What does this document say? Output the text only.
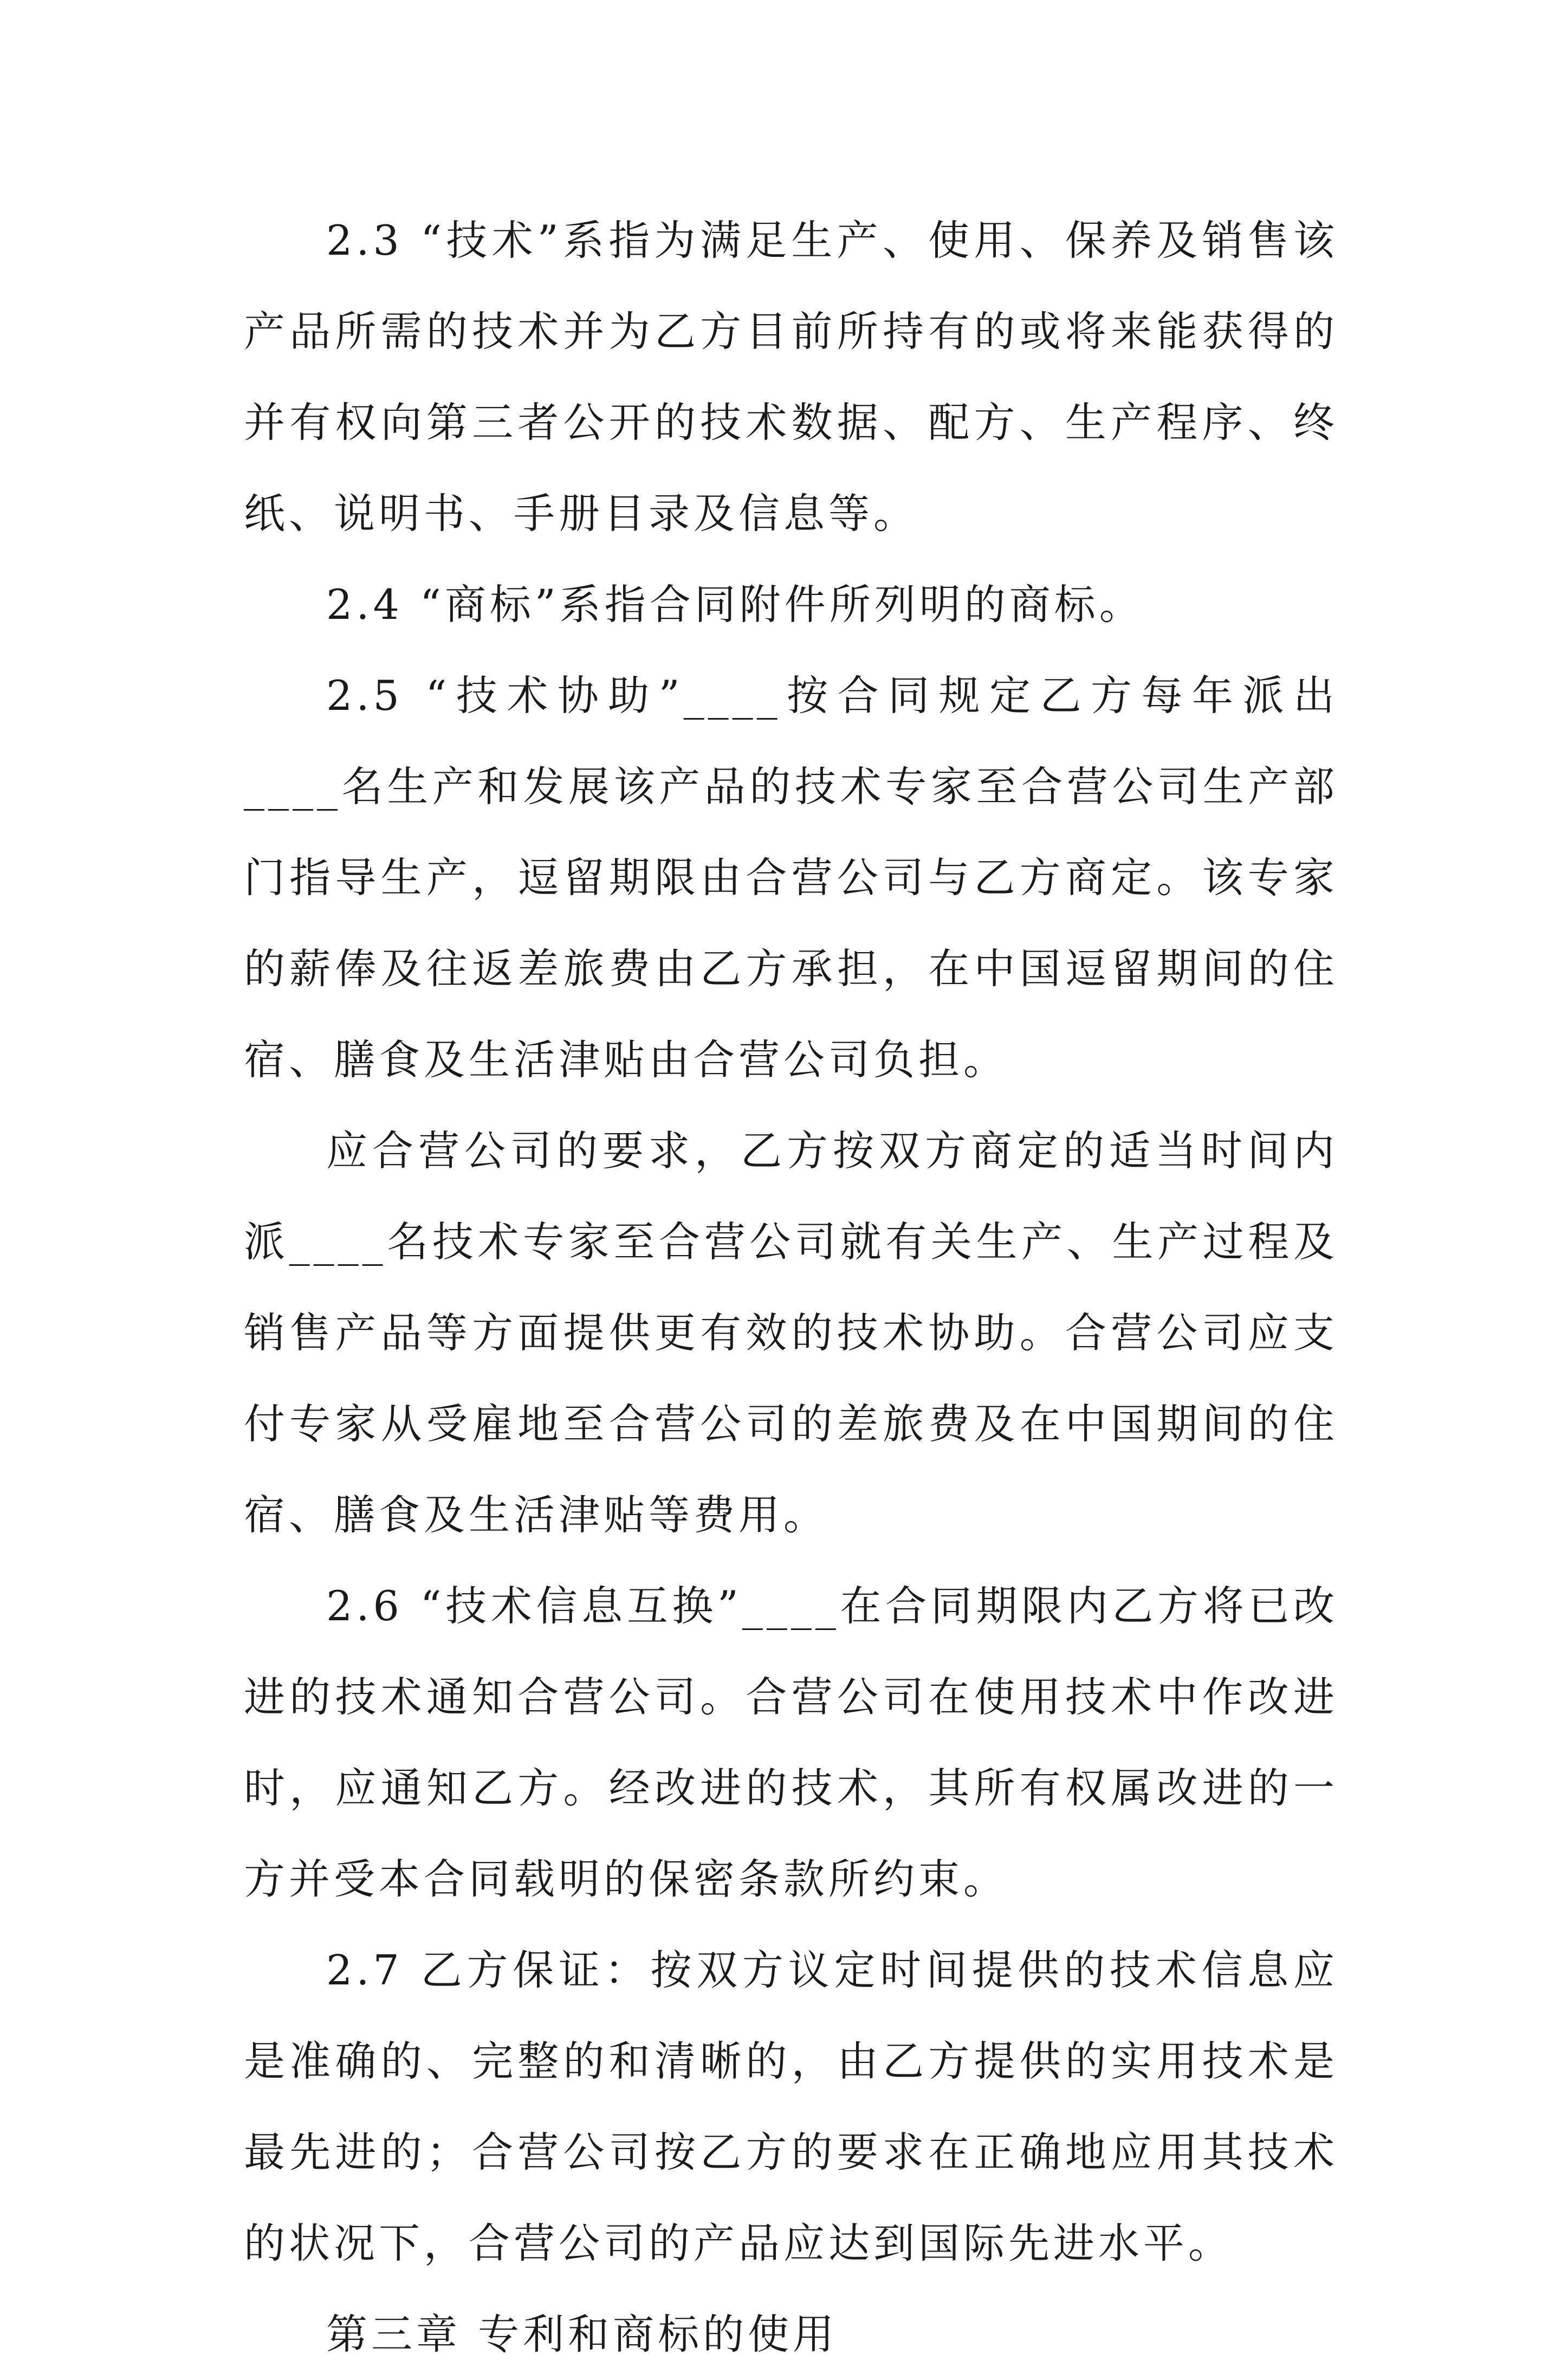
2.3 “技术”系指为满足生产、使用、保养及销售该产品所需的技术并为乙方目前所持有的或将来能获得的并有权向第三者公开的技术数据、配方、生产程序、终纸、说明书、手册目录及信息等。

2.4 “商标”系指合同附件所列明的商标。

2.5 “技术协助”____按合同规定乙方每年派出____名生产和发展该产品的技术专家至合营公司生产部门指导生产，逗留期限由合营公司与乙方商定。该专家的薪俸及往返差旅费由乙方承担，在中国逗留期间的住宿、膳食及生活津贴由合营公司负担。

应合营公司的要求，乙方按双方商定的适当时间内派____名技术专家至合营公司就有关生产、生产过程及销售产品等方面提供更有效的技术协助。合营公司应支付专家从受雇地至合营公司的差旅费及在中国期间的住宿、膳食及生活津贴等费用。

2.6 “技术信息互换”____在合同期限内乙方将已改进的技术通知合营公司。合营公司在使用技术中作改进时，应通知乙方。经改进的技术，其所有权属改进的一方并受本合同载明的保密条款所约束。

2.7 乙方保证：按双方议定时间提供的技术信息应是准确的、完整的和清晰的，由乙方提供的实用技术是最先进的；合营公司按乙方的要求在正确地应用其技术的状况下，合营公司的产品应达到国际先进水平。

第三章 专利和商标的使用
